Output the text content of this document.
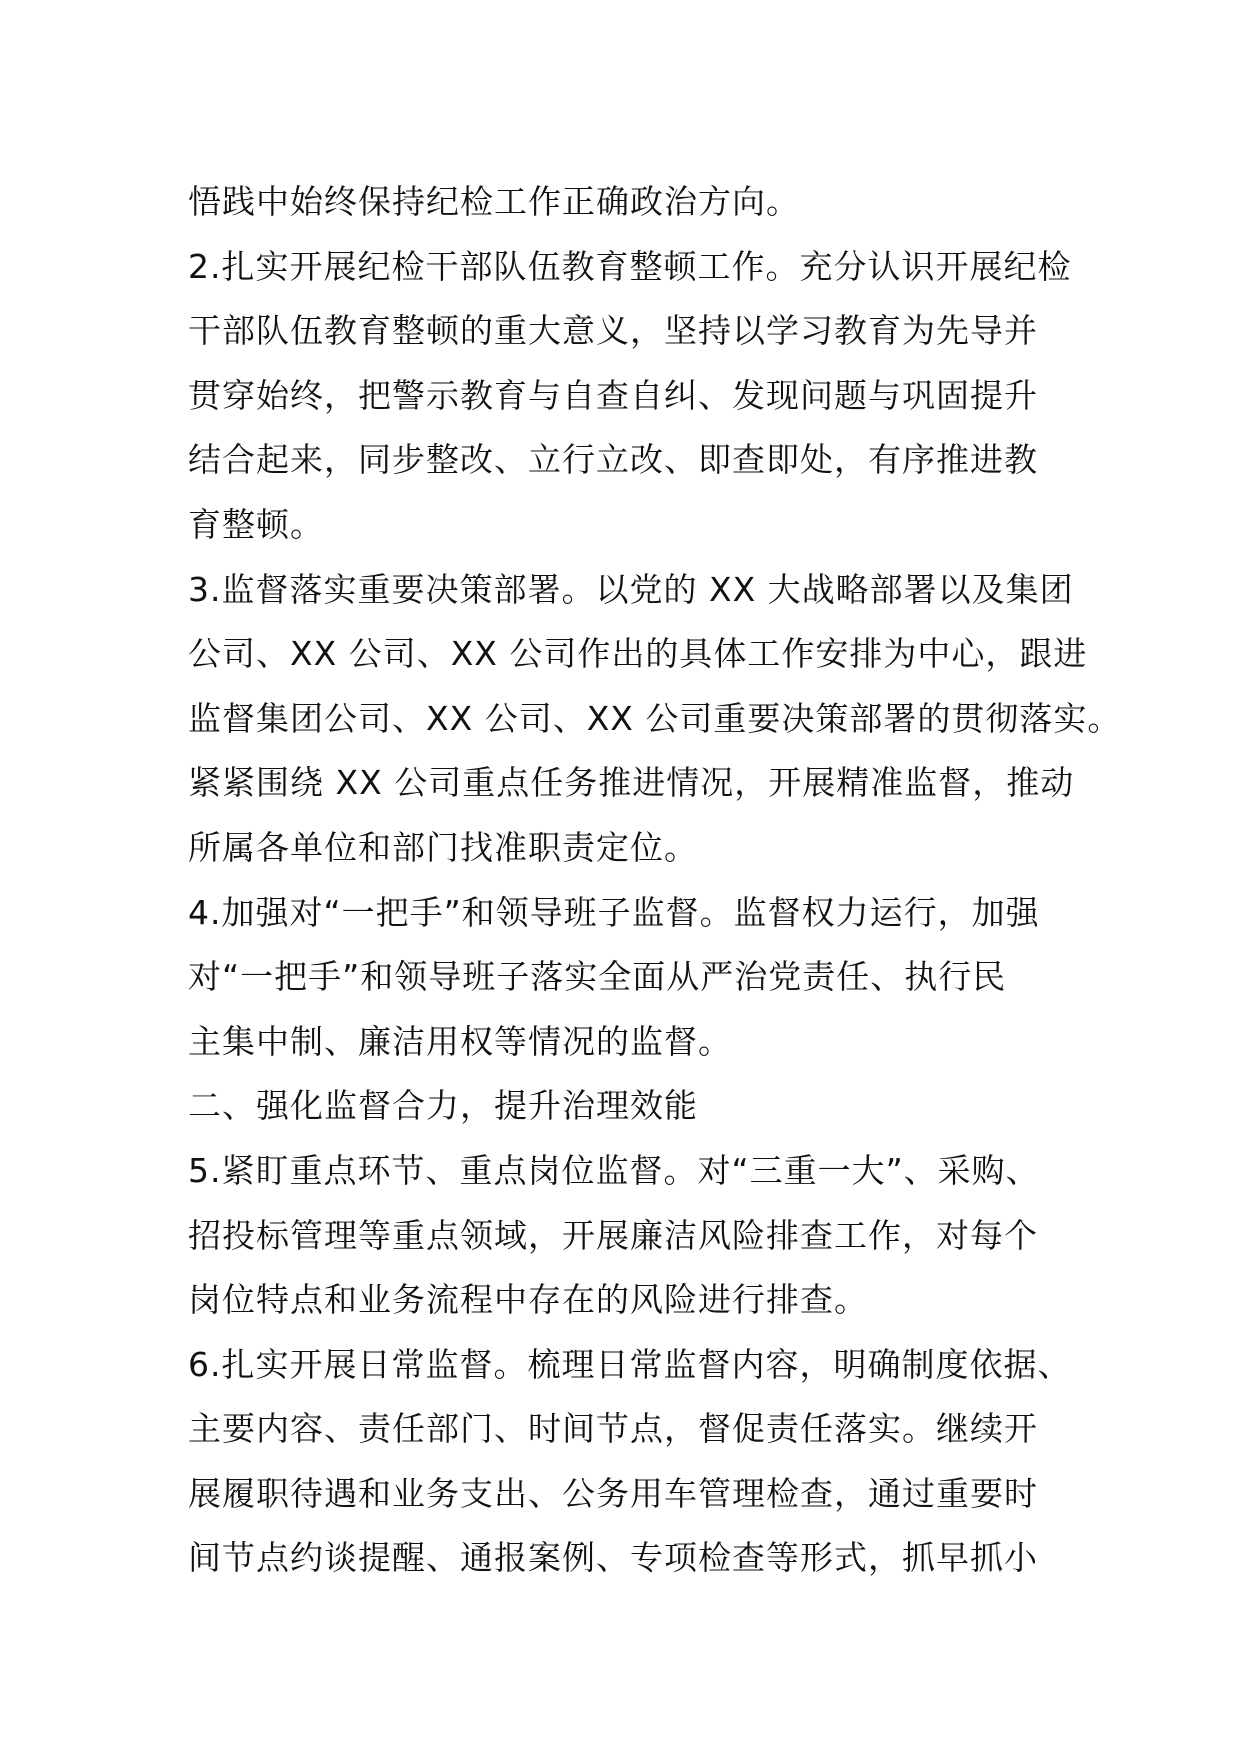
悟践中始终保持纪检工作正确政治方向。
2.扎实开展纪检干部队伍教育整顿工作。充分认识开展纪检
干部队伍教育整顿的重大意义，坚持以学习教育为先导并
贯穿始终，把警示教育与自查自纠、发现问题与巩固提升
结合起来，同步整改、立行立改、即查即处，有序推进教
育整顿。
3.监督落实重要决策部署。以党的 XX 大战略部署以及集团
公司、XX 公司、XX 公司作出的具体工作安排为中心，跟进
监督集团公司、XX 公司、XX 公司重要决策部署的贯彻落实。
紧紧围绕 XX 公司重点任务推进情况，开展精准监督，推动
所属各单位和部门找准职责定位。
4.加强对“一把手”和领导班子监督。监督权力运行，加强
对“一把手”和领导班子落实全面从严治党责任、执行民
主集中制、廉洁用权等情况的监督。
二、强化监督合力，提升治理效能
5.紧盯重点环节、重点岗位监督。对“三重一大”、采购、
招投标管理等重点领域，开展廉洁风险排查工作，对每个
岗位特点和业务流程中存在的风险进行排查。
6.扎实开展日常监督。梳理日常监督内容，明确制度依据、
主要内容、责任部门、时间节点，督促责任落实。继续开
展履职待遇和业务支出、公务用车管理检查，通过重要时
间节点约谈提醒、通报案例、专项检查等形式，抓早抓小
